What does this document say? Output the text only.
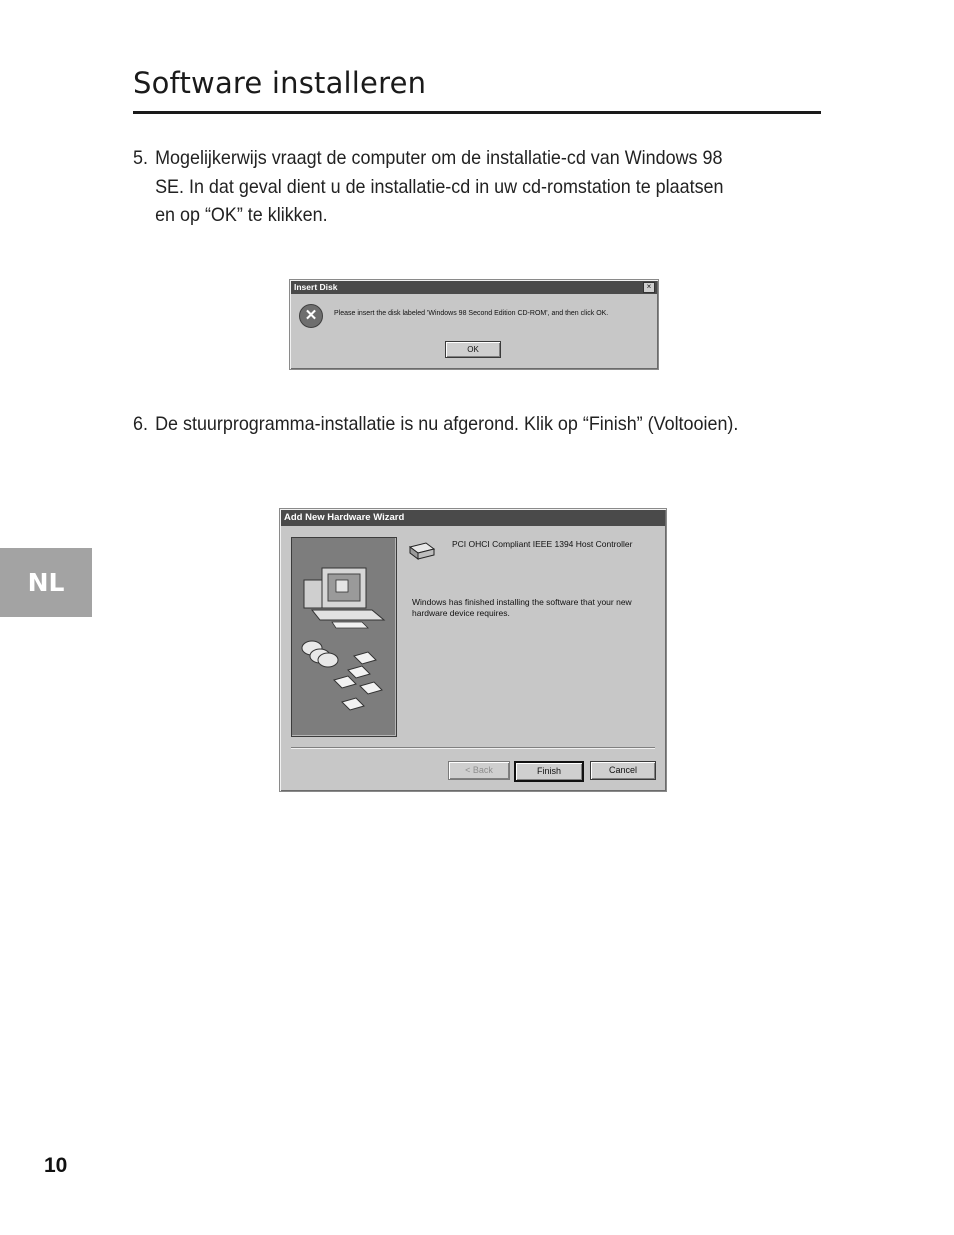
Software installeren
5. Mogelijkerwijs vraagt de computer om de installatie-cd van Windows 98
SE. In dat geval dient u de installatie-cd in uw cd-romstation te plaatsen
en op “OK” te klikken.
Insert Disk	×
✕	Please insert the disk labeled 'Windows 98 Second Edition CD-ROM', and then click OK.
OK
6. De stuurprogramma-installatie is nu afgerond. Klik op “Finish” (Voltooien).
Add New Hardware Wizard
PCI OHCI Compliant IEEE 1394 Host Controller
Windows has finished installing the software that your new hardware device requires.
< Back	Finish	Cancel
NL
10
